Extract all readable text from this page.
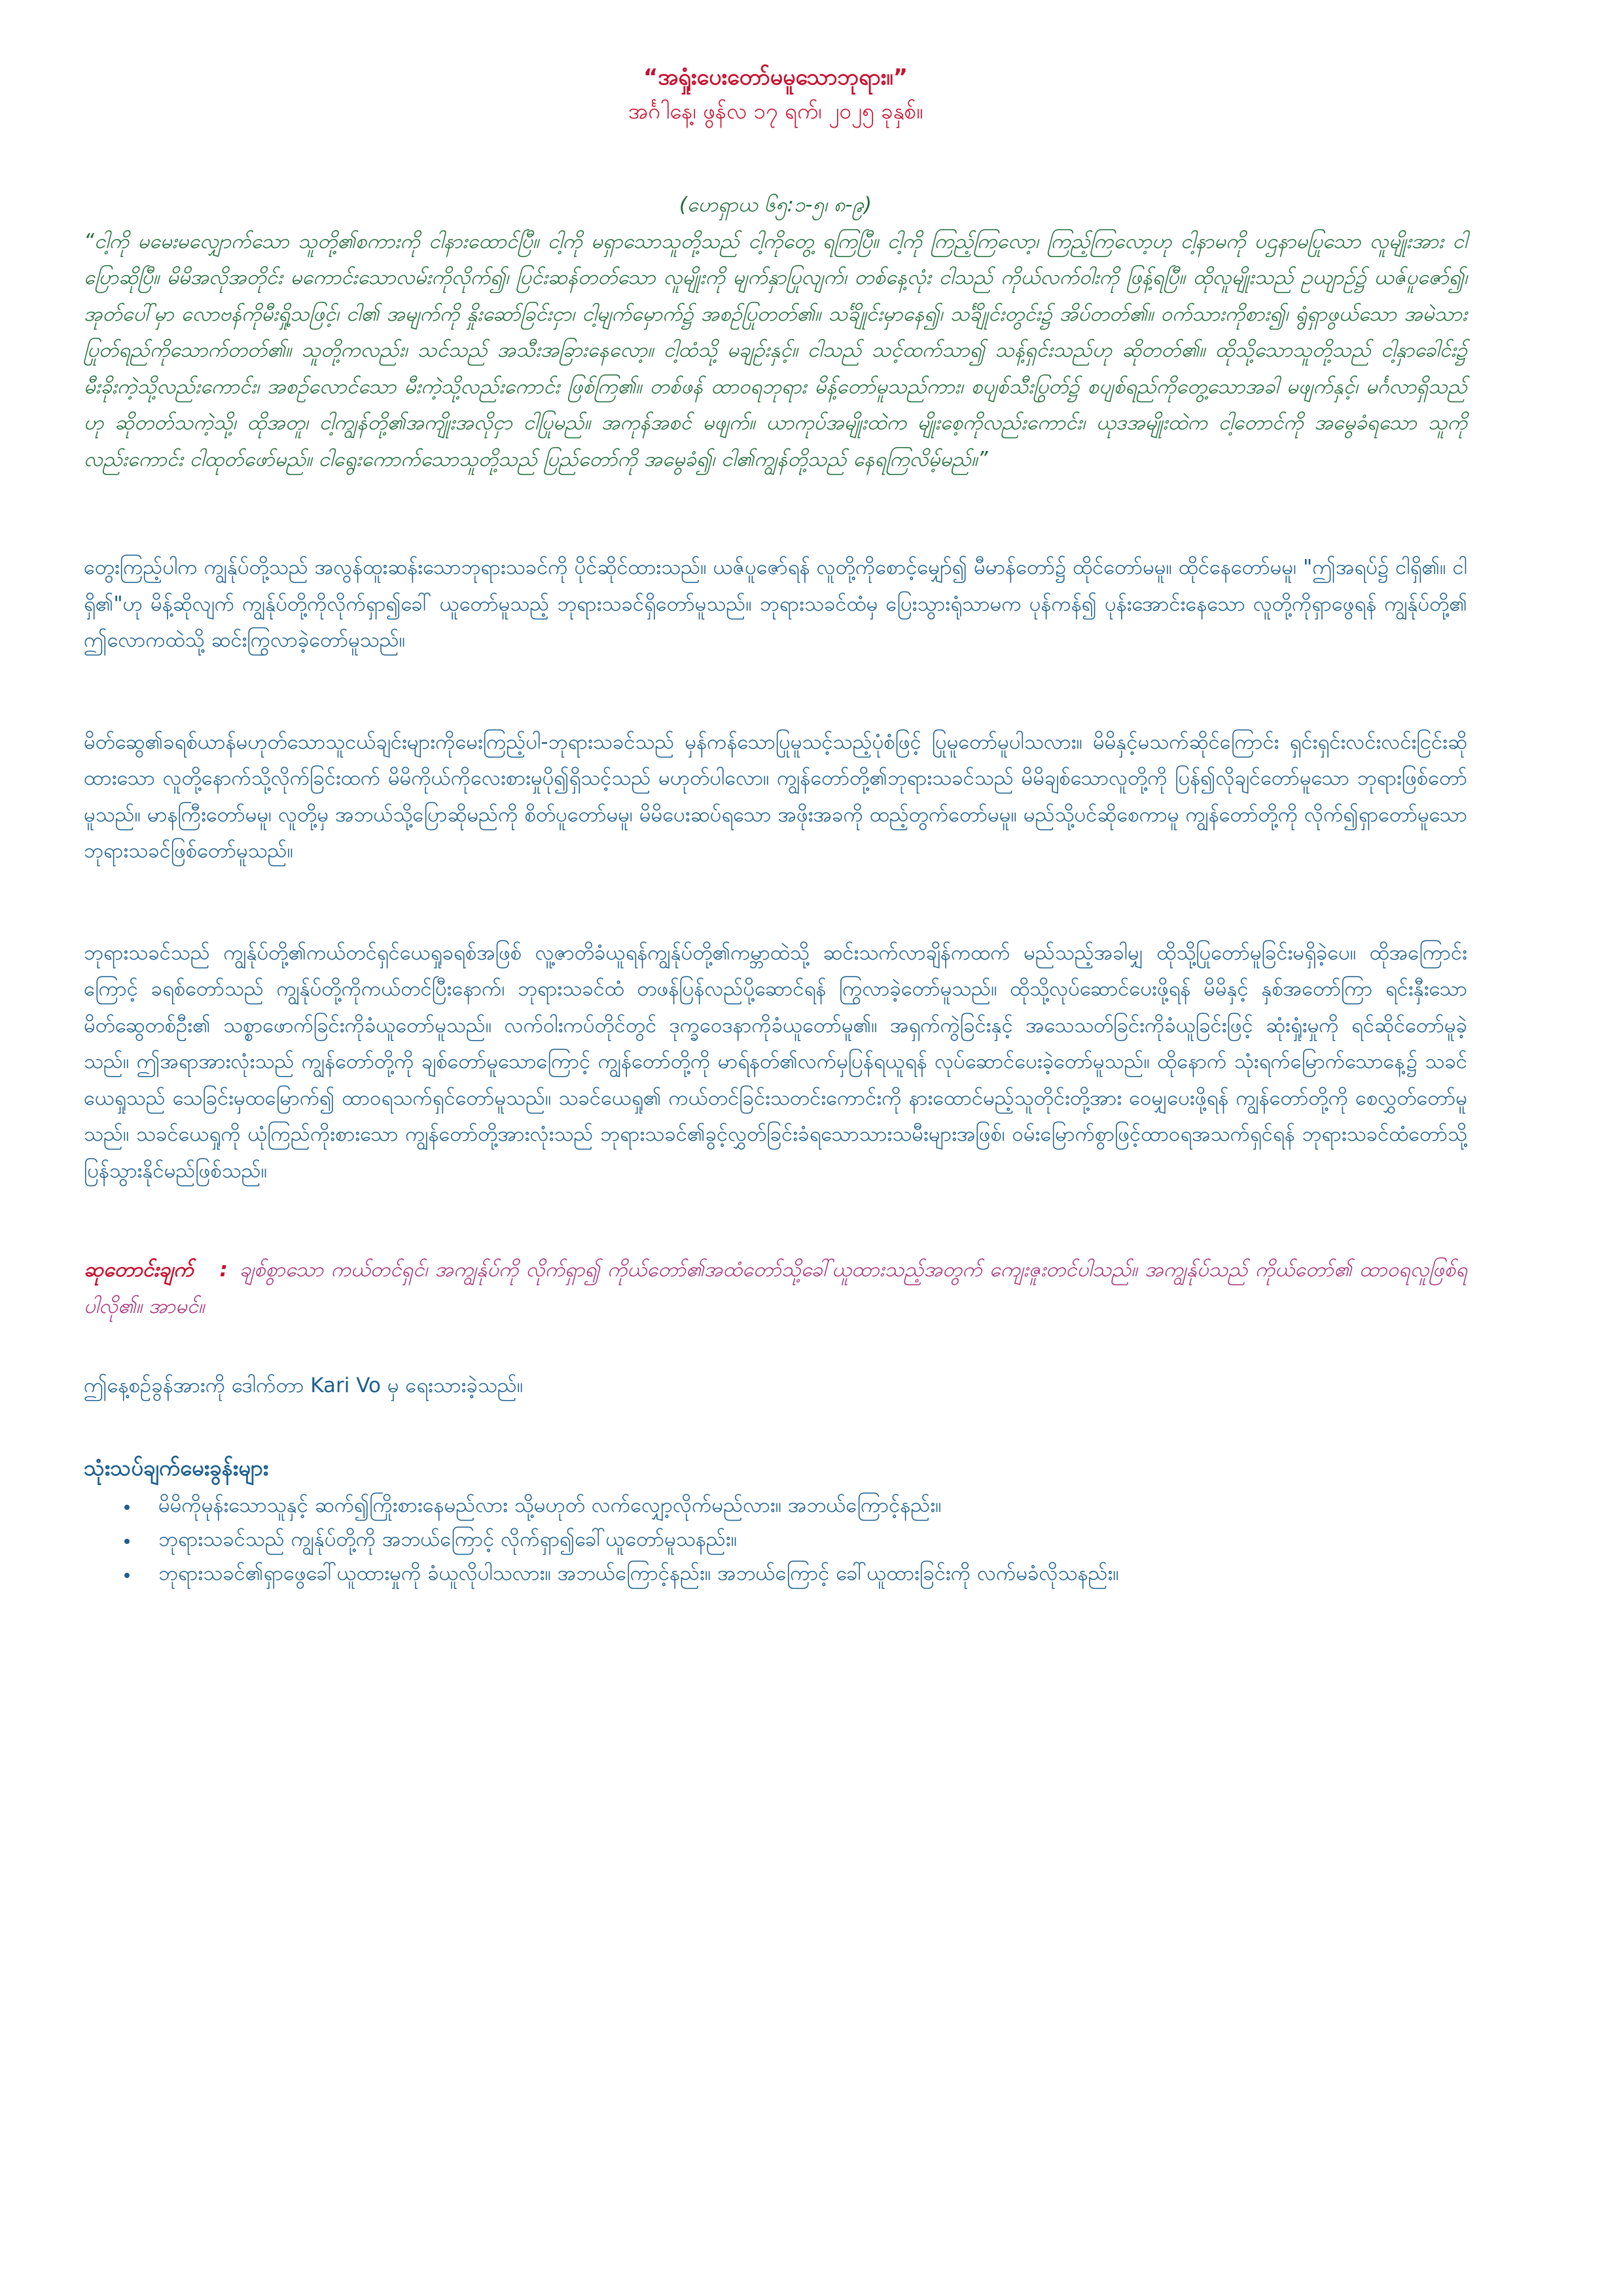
“အရှုံးပေးတော်မမူသောဘုရား။”
အင်္ဂါနေ့၊ ဖွန်လ ၁၇ ရက်၊ ၂၀၂၅ ခုနှစ်။
(ဟေရှာယ ၆၅:၁-၅၊ ၈-၉)

“ငါ့ကို မမေးမလျှောက်သော သူတို့၏စကားကို ငါနားထောင်ပြီ။ ငါ့ကို မရှာသောသူတို့သည် ငါ့ကိုတွေ့ ရကြပြီ။ ငါ့ကို ကြည့်ကြလော့၊ ကြည့်ကြလော့ဟု ငါ့နာမကို ပဌနာမပြုသော လူမျိုးအား ငါပြောဆိုပြီ။ မိမိအလိုအတိုင်း မကောင်းသောလမ်းကိုလိုက်၍၊ ပြင်းဆန်တတ်သော လူမျိုးကို မျက်နှာပြုလျက်၊ တစ်နေ့လုံး ငါသည် ကိုယ်လက်ဝါးကို ဖြန့်ရပြီ။ ထိုလူမျိုးသည် ဥယျာဉ်၌ ယဇ်ပူဇော်၍၊ အုတ်ပေါ်မှာ လောဗန်ကိုမီးရှို့သဖြင့်၊ ငါ၏ အမျက်ကို နှိုးဆော်ခြင်းငှာ၊ ငါ့မျက်မှောက်၌ အစဉ်ပြုတတ်၏။ သင်္ချိုင်းမှာနေ၍၊ သင်္ချိုင်းတွင်း၌ အိပ်တတ်၏။ ဝက်သားကိုစား၍၊ ရွံရှာဖွယ်သော အမဲသားပြုတ်ရည်ကိုသောက်တတ်၏။ သူတို့ကလည်း၊ သင်သည် အသီးအခြားနေလော့။ ငါ့ထံသို့ မချဉ်းနှင့်။ ငါသည် သင့်ထက်သာ၍ သန့်ရှင်းသည်ဟု ဆိုတတ်၏။ ထိုသို့သောသူတို့သည် ငါ့နှာခေါင်း၌ မီးခိုးကဲ့သို့လည်းကောင်း၊ အစဉ်လောင်သော မီးကဲ့သို့လည်းကောင်း ဖြစ်ကြ၏။ တစ်ဖန် ထာဝရဘုရား မိန့်တော်မူသည်ကား၊ စပျစ်သီးပြွတ်၌ စပျစ်ရည်ကိုတွေ့သောအခါ မဖျက်နှင့်၊ မင်္ဂလာရှိသည်ဟု ဆိုတတ်သကဲ့သို့၊ ထိုအတူ၊ ငါ့ကျွန်တို့၏အကျိုးအလိုငှာ ငါပြုမည်။ အကုန်အစင် မဖျက်။ ယာကုပ်အမျိုးထဲက မျိုးစေ့ကိုလည်းကောင်း၊ ယုဒအမျိုးထဲက ငါ့တောင်ကို အမွေခံရသော သူကိုလည်းကောင်း ငါထုတ်ဖော်မည်။ ငါရွေးကောက်သောသူတို့သည် ပြည်တော်ကို အမွေခံ၍၊ ငါ၏ကျွန်တို့သည် နေရကြလိမ့်မည်။”

တွေးကြည့်ပါက ကျွန်ုပ်တို့သည် အလွန်ထူးဆန်းသောဘုရားသခင်ကို ပိုင်ဆိုင်ထားသည်။ ယဇ်ပူဇော်ရန် လူတို့ကိုစောင့်မျှော်၍ မီမာန်တော်၌ ထိုင်တော်မမူ။ ထိုင်နေတော်မမူ၊ "ဤအရပ်၌ ငါရှိ၏။ ငါရှိ၏"ဟု မိန့်ဆိုလျက် ကျွန်ုပ်တို့ကိုလိုက်ရှာ၍ခေါ် ယူတော်မူသည့် ဘုရားသခင်ရှိတော်မူသည်။ ဘုရားသခင်ထံမှ ပြေးသွားရုံသာမက ပုန်ကန်၍ ပုန်းအောင်းနေသော လူတို့ကိုရှာဖွေရန် ကျွန်ုပ်တို့၏ ဤလောကထဲသို့ ဆင်းကြွလာခဲ့တော်မူသည်။

မိတ်ဆွေ၏ခရစ်ယာန်မဟုတ်သောသူငယ်ချင်းများကိုမေးကြည့်ပါ-ဘုရားသခင်သည် မှန်ကန်သောပြုမူသင့်သည့်ပုံစံဖြင့် ပြုမူတော်မူပါသလား။ မိမိနှင့်မသက်ဆိုင်ကြောင်း ရှင်းရှင်းလင်းလင်းငြင်းဆိုထားသော လူတို့နောက်သို့လိုက်ခြင်းထက် မိမိကိုယ်ကိုလေးစားမှုပို၍ရှိသင့်သည် မဟုတ်ပါလော။ ကျွန်တော်တို့၏ဘုရားသခင်သည် မိမိချစ်သောလူတို့ကို ပြန်၍လိုချင်တော်မူသော ဘုရားဖြစ်တော်မူသည်။ မာနကြီးတော်မမူ၊ လူတို့မှ အဘယ်သို့ပြောဆိုမည်ကို စိတ်ပူတော်မမူ၊ မိမိပေးဆပ်ရသော အဖိုးအခကို ထည့်တွက်တော်မမူ။ မည်သို့ပင်ဆိုစေကာမူ ကျွန်တော်တို့ကို လိုက်၍ရှာတော်မူသောဘုရားသခင်ဖြစ်တော်မူသည်။

ဘုရားသခင်သည် ကျွန်ုပ်တို့၏ကယ်တင်ရှင်ယေရှုခရစ်အဖြစ် လူ့ဇာတိခံယူရန်ကျွန်ုပ်တို့၏ကမ္ဘာထဲသို့ ဆင်းသက်လာချိန်ကထက် မည်သည့်အခါမျှ ထိုသို့ပြုတော်မူခြင်းမရှိခဲ့ပေ။ ထိုအကြောင်းကြောင့် ခရစ်တော်သည် ကျွန်ုပ်တို့ကိုကယ်တင်ပြီးနောက်၊ ဘုရားသခင်ထံ တဖန်ပြန်လည်ပို့ဆောင်ရန် ကြွလာခဲ့တော်မူသည်။ ထိုသို့လုပ်ဆောင်ပေးဖို့ရန် မိမိနှင့် နှစ်အတော်ကြာ ရင်းနှီးသောမိတ်ဆွေတစ်ဦး၏ သစ္စာဖောက်ခြင်းကိုခံယူတော်မူသည်။ လက်ဝါးကပ်တိုင်တွင် ဒုက္ခဝေဒနာကိုခံယူတော်မူ၏။ အရှက်ကွဲခြင်းနှင့် အသေသတ်ခြင်းကိုခံယူခြင်းဖြင့် ဆုံးရှုံးမှုကို ရင်ဆိုင်တော်မူခဲ့သည်။ ဤအရာအားလုံးသည် ကျွန်တော်တို့ကို ချစ်တော်မူသောကြောင့် ကျွန်တော်တို့ကို မာရ်နတ်၏လက်မှပြန်ရယူရန် လုပ်ဆောင်ပေးခဲ့တော်မူသည်။ ထိုနောက် သုံးရက်မြောက်သောနေ့၌ သခင်ယေရှုသည် သေခြင်းမှထမြောက်၍ ထာဝရသက်ရှင်တော်မူသည်။ သခင်ယေရှု၏ ကယ်တင်ခြင်းသတင်းကောင်းကို နားထောင်မည့်သူတိုင်းတို့အား ဝေမျှပေးဖို့ရန် ကျွန်တော်တို့ကို စေလွှတ်တော်မူသည်။ သခင်ယေရှုကို ယုံကြည်ကိုးစားသော ကျွန်တော်တို့အားလုံးသည် ဘုရားသခင်၏ခွင့်လွှတ်ခြင်းခံရသောသားသမီးများအဖြစ်၊ ဝမ်းမြောက်စွာဖြင့်ထာဝရအသက်ရှင်ရန် ဘုရားသခင်ထံတော်သို့ ပြန်သွားနိုင်မည်ဖြစ်သည်။

ဆုတောင်းချက် : ချစ်စွာသော ကယ်တင်ရှင်၊ အကျွန်ုပ်ကို လိုက်ရှာ၍ ကိုယ်တော်၏အထံတော်သို့ခေါ်ယူထားသည့်အတွက် ကျေးဇူးတင်ပါသည်။ အကျွန်ုပ်သည် ကိုယ်တော်၏ ထာဝရလူဖြစ်ရပါလို၏။ အာမင်။
ဤနေ့စဉ်ခွန်အားကို ဒေါက်တာ Kari Vo မှ ရေးသားခဲ့သည်။
သုံးသပ်ချက်မေးခွန်းများ
• မိမိကိုမုန်းသောသူနှင့် ဆက်၍ကြိုးစားနေမည်လား သို့မဟုတ် လက်လျှော့လိုက်မည်လား။ အဘယ်ကြောင့်နည်း။
• ဘုရားသခင်သည် ကျွန်ုပ်တို့ကို အဘယ်ကြောင့် လိုက်ရှာ၍ခေါ်ယူတော်မူသနည်း။
• ဘုရားသခင်၏ရှာဖွေခေါ်ယူထားမှုကို ခံယူလိုပါသလား။ အဘယ်ကြောင့်နည်း။ အဘယ်ကြောင့် ခေါ်ယူထားခြင်းကို လက်မခံလိုသနည်း။
